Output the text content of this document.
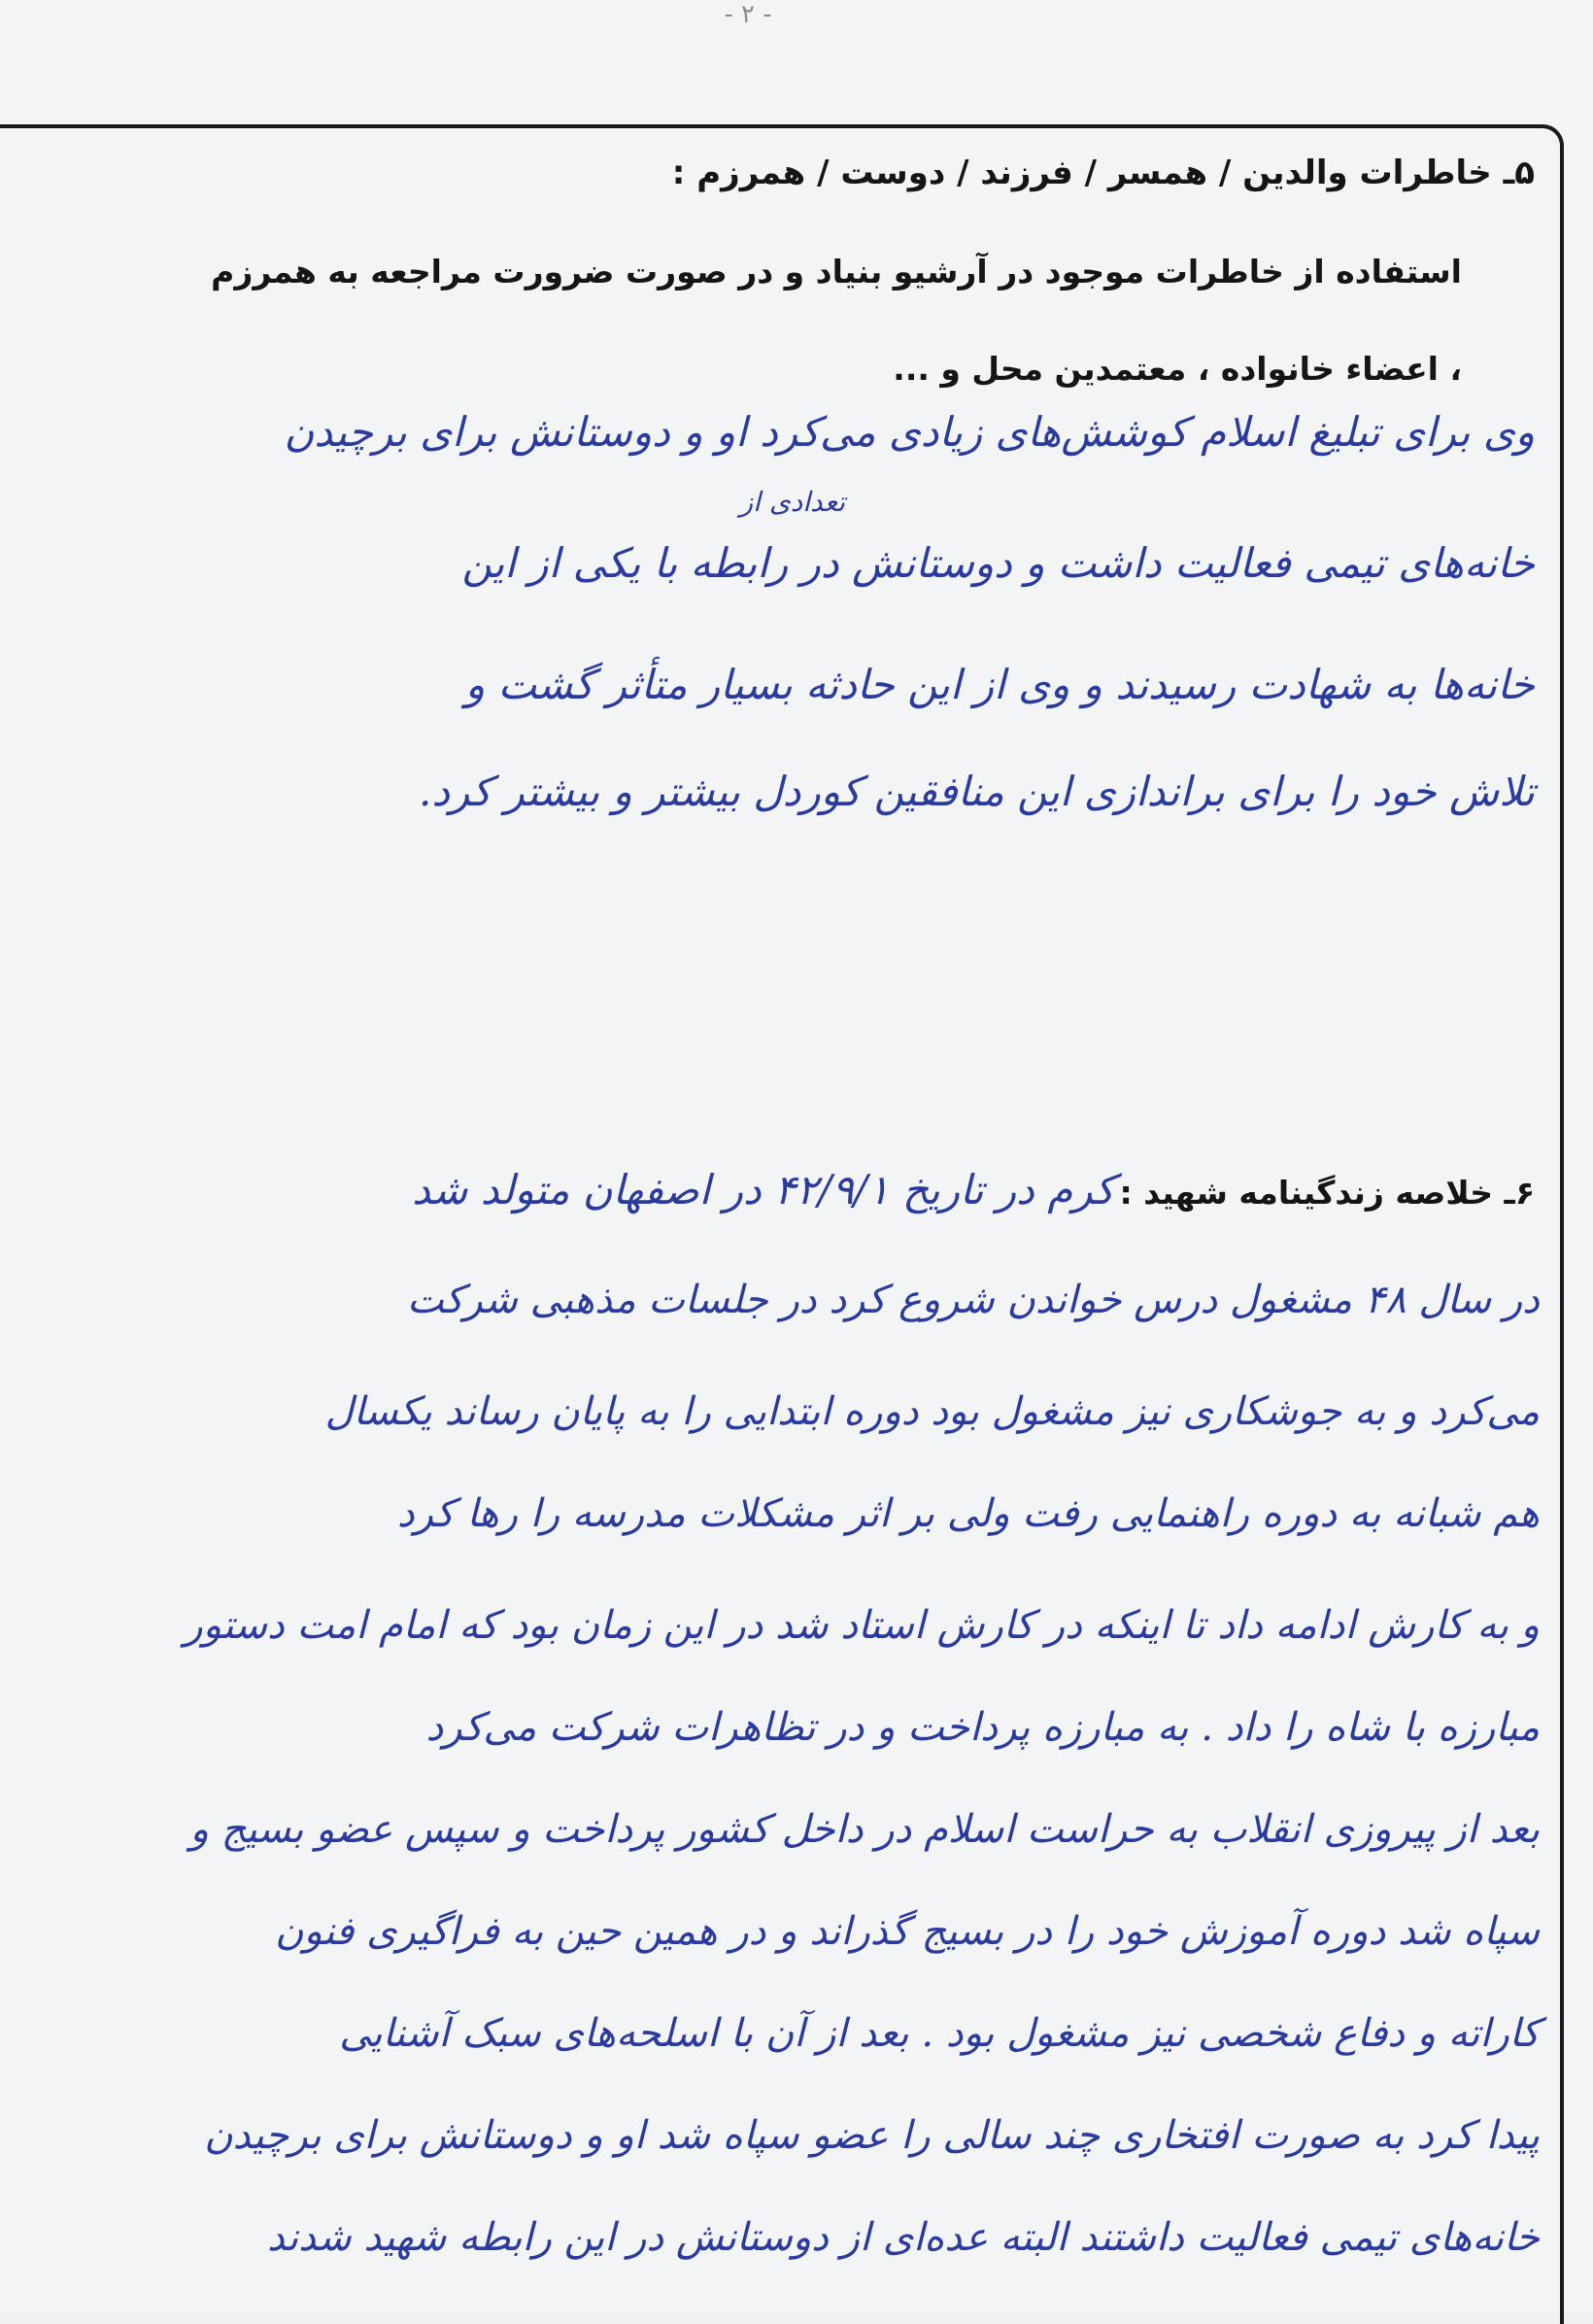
- ۲ -
۵ـ خاطرات والدین / همسر / فرزند / دوست / همرزم :
استفاده از خاطرات موجود در آرشیو بنیاد و در صورت ضرورت مراجعه به همرزم ، اعضاء خانواده ، معتمدین محل و ...
تعدادی از
وی برای تبلیغ اسلام کوشش‌های زیادی می‌کرد او و دوستانش برای برچیدن
خانه‌های تیمی فعالیت داشت و دوستانش در رابطه با یکی از این
خانه‌ها به شهادت رسیدند و وی از این حادثه بسیار متأثر گشت و
تلاش خود را برای براندازی این منافقین کوردل بیشتر و بیشتر کرد.
۶ـ خلاصه زندگینامه شهید : کرم در تاریخ ۴۲/۹/۱ در اصفهان متولد شد
در سال ۴۸ مشغول درس خواندن شروع کرد در جلسات مذهبی شرکت
می‌کرد و به جوشکاری نیز مشغول بود دوره ابتدایی را به پایان رساند یکسال
هم شبانه به دوره راهنمایی رفت ولی بر اثر مشکلات مدرسه را رها کرد
و به کارش ادامه داد تا اینکه در کارش استاد شد در این زمان بود که امام امت دستور
مبارزه با شاه را داد . به مبارزه پرداخت و در تظاهرات شرکت می‌کرد
بعد از پیروزی انقلاب به حراست اسلام در داخل کشور پرداخت و سپس عضو بسیج و
سپاه شد دوره آموزش خود را در بسیج گذراند و در همین حین به فراگیری فنون
کاراته و دفاع شخصی نیز مشغول بود . بعد از آن با اسلحه‌های سبک آشنایی
پیدا کرد به صورت افتخاری چند سالی را عضو سپاه شد او و دوستانش برای برچیدن
خانه‌های تیمی فعالیت داشتند البته عده‌ای از دوستانش در این رابطه شهید شدند
